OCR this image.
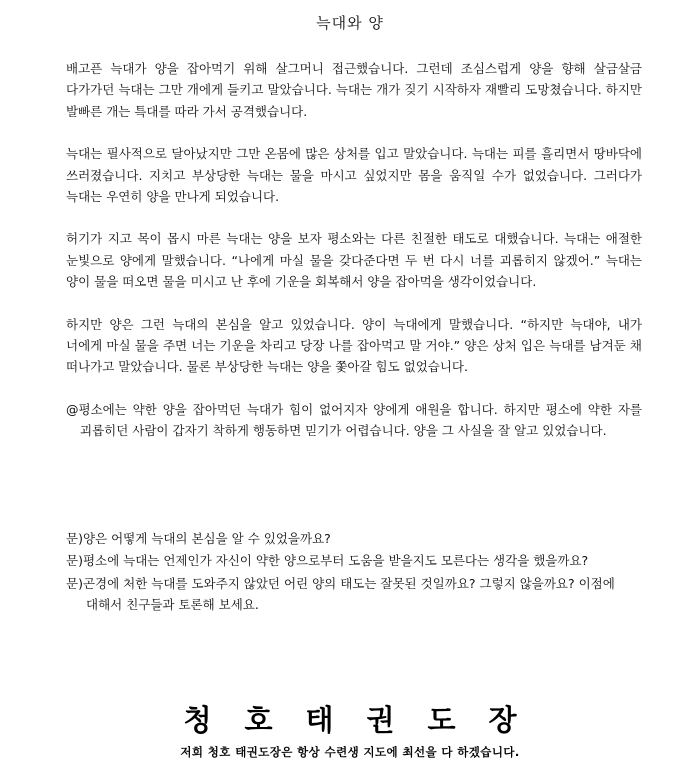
늑대와 양

배고픈 늑대가 양을 잡아먹기 위해 살그머니 접근했습니다. 그런데 조심스럽게 양을 향해 살금살금 다가가던 늑대는 그만 개에게 들키고 말았습니다. 늑대는 개가 짖기 시작하자 재빨리 도망쳤습니다. 하지만 발빠른 개는 특대를 따라 가서 공격했습니다.

늑대는 필사적으로 달아났지만 그만 온몸에 많은 상처를 입고 말았습니다. 늑대는 피를 흘리면서 땅바닥에 쓰러졌습니다. 지치고 부상당한 늑대는 물을 마시고 싶었지만 몸을 움직일 수가 없었습니다. 그러다가 늑대는 우연히 양을 만나게 되었습니다.

허기가 지고 목이 몹시 마른 늑대는 양을 보자 평소와는 다른 친절한 태도로 대했습니다. 늑대는 애절한 눈빛으로 양에게 말했습니다. “나에게 마실 물을 갖다준다면 두 번 다시 너를 괴롭히지 않겠어.” 늑대는 양이 물을 떠오면 물을 미시고 난 후에 기운을 회복해서 양을 잡아먹을 생각이었습니다.

하지만 양은 그런 늑대의 본심을 알고 있었습니다. 양이 늑대에게 말했습니다. “하지만 늑대야, 내가 너에게 마실 물을 주면 너는 기운을 차리고 당장 나를 잡아먹고 말 거야.” 양은 상처 입은 늑대를 남겨둔 채 떠나가고 말았습니다. 물론 부상당한 늑대는 양을 쫓아갈 힘도 없었습니다.

@평소에는 약한 양을 잡아먹던 늑대가 힘이 없어지자 양에게 애원을 합니다. 하지만 평소에 약한 자를 괴롭히던 사람이 갑자기 착하게 행동하면 믿기가 어렵습니다. 양을 그 사실을 잘 알고 있었습니다.

문)양은 어떻게 늑대의 본심을 알 수 있었을까요?

문)평소에 늑대는 언제인가 자신이 약한 양으로부터 도움을 받을지도 모른다는 생각을 했을까요?

문)곤경에 처한 늑대를 도와주지 않았던 어린 양의 태도는 잘못된 것일까요? 그렇지 않을까요? 이점에 대해서 친구들과 토론해 보세요.

청호태권도장
저희 청호 태권도장은 항상 수련생 지도에 최선을 다 하겠습니다.
